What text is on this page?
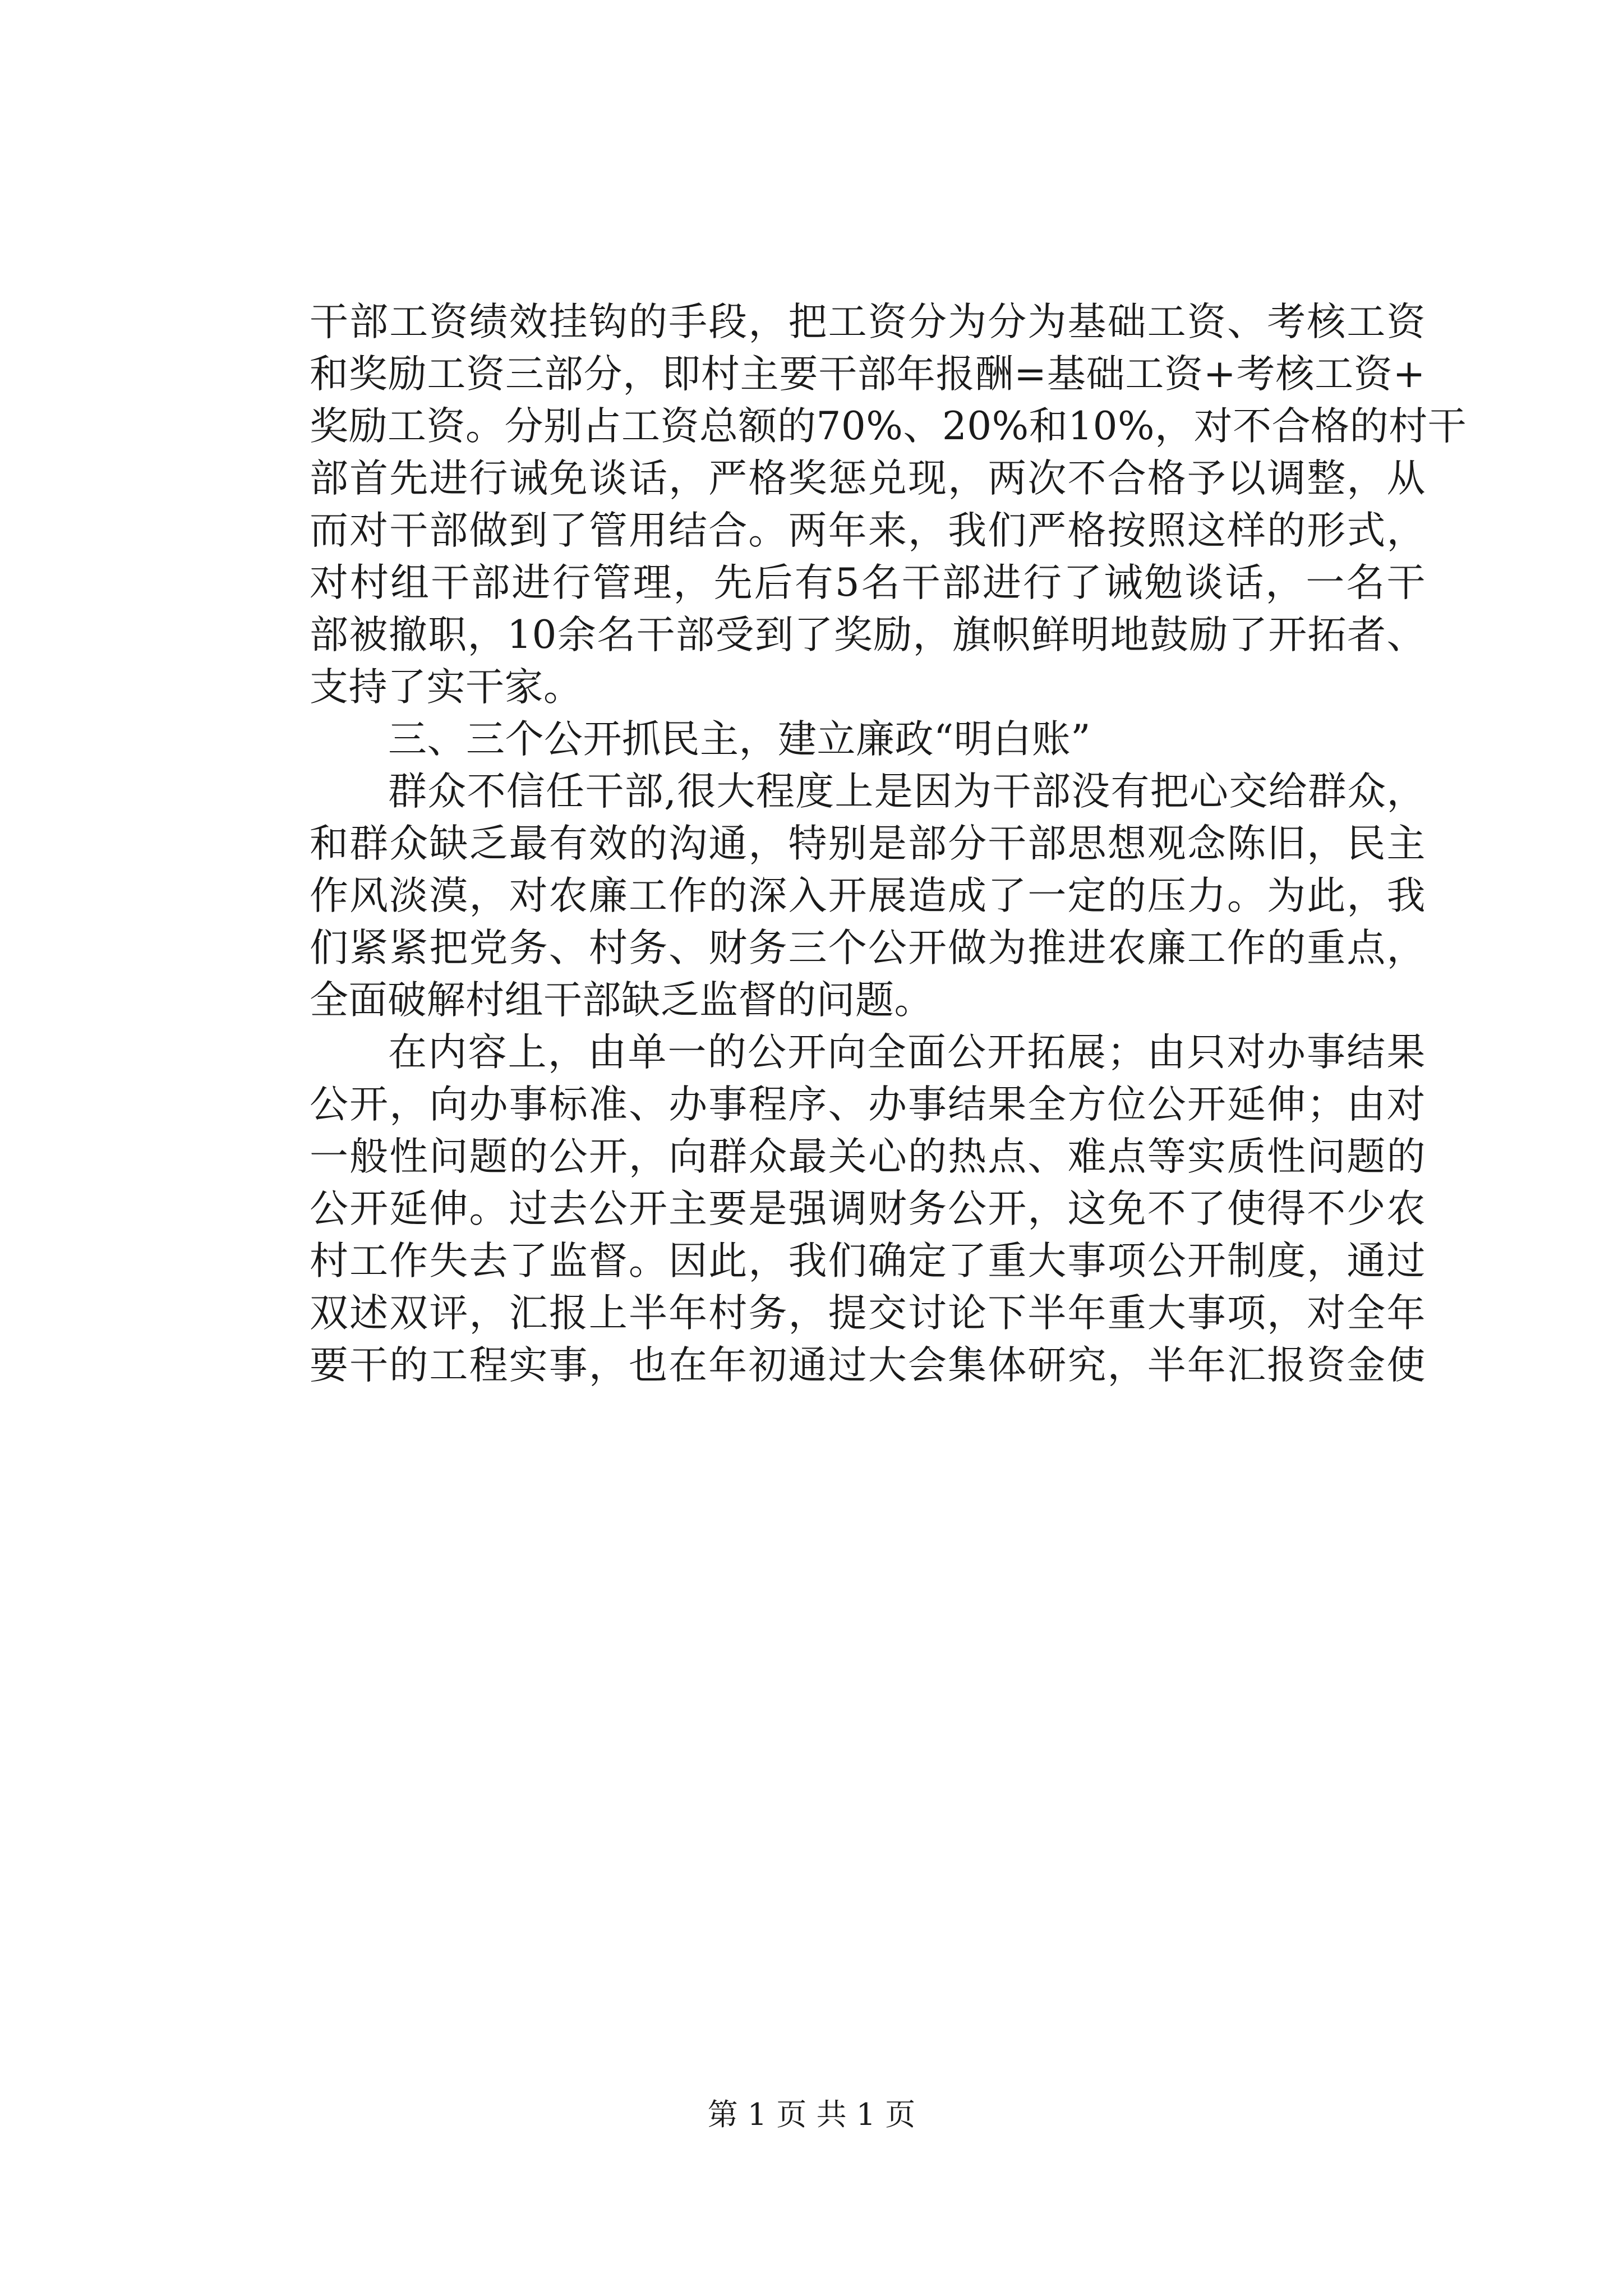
干部工资绩效挂钩的手段，把工资分为分为基础工资、考核工资

和奖励工资三部分，即村主要干部年报酬=基础工资+考核工资+

奖励工资。分别占工资总额的70%、20%和10%，对不合格的村干

部首先进行诫免谈话，严格奖惩兑现，两次不合格予以调整，从

而对干部做到了管用结合。两年来，我们严格按照这样的形式，

对村组干部进行管理，先后有5名干部进行了诫勉谈话，一名干

部被撤职，10余名干部受到了奖励，旗帜鲜明地鼓励了开拓者、

支持了实干家。

三、三个公开抓民主，建立廉政“明白账”

群众不信任干部,很大程度上是因为干部没有把心交给群众，

和群众缺乏最有效的沟通，特别是部分干部思想观念陈旧，民主

作风淡漠，对农廉工作的深入开展造成了一定的压力。为此，我

们紧紧把党务、村务、财务三个公开做为推进农廉工作的重点，

全面破解村组干部缺乏监督的问题。

在内容上，由单一的公开向全面公开拓展；由只对办事结果

公开，向办事标准、办事程序、办事结果全方位公开延伸；由对

一般性问题的公开，向群众最关心的热点、难点等实质性问题的

公开延伸。过去公开主要是强调财务公开，这免不了使得不少农

村工作失去了监督。因此，我们确定了重大事项公开制度，通过

双述双评，汇报上半年村务，提交讨论下半年重大事项，对全年

要干的工程实事，也在年初通过大会集体研究，半年汇报资金使

第 1 页 共 1 页
